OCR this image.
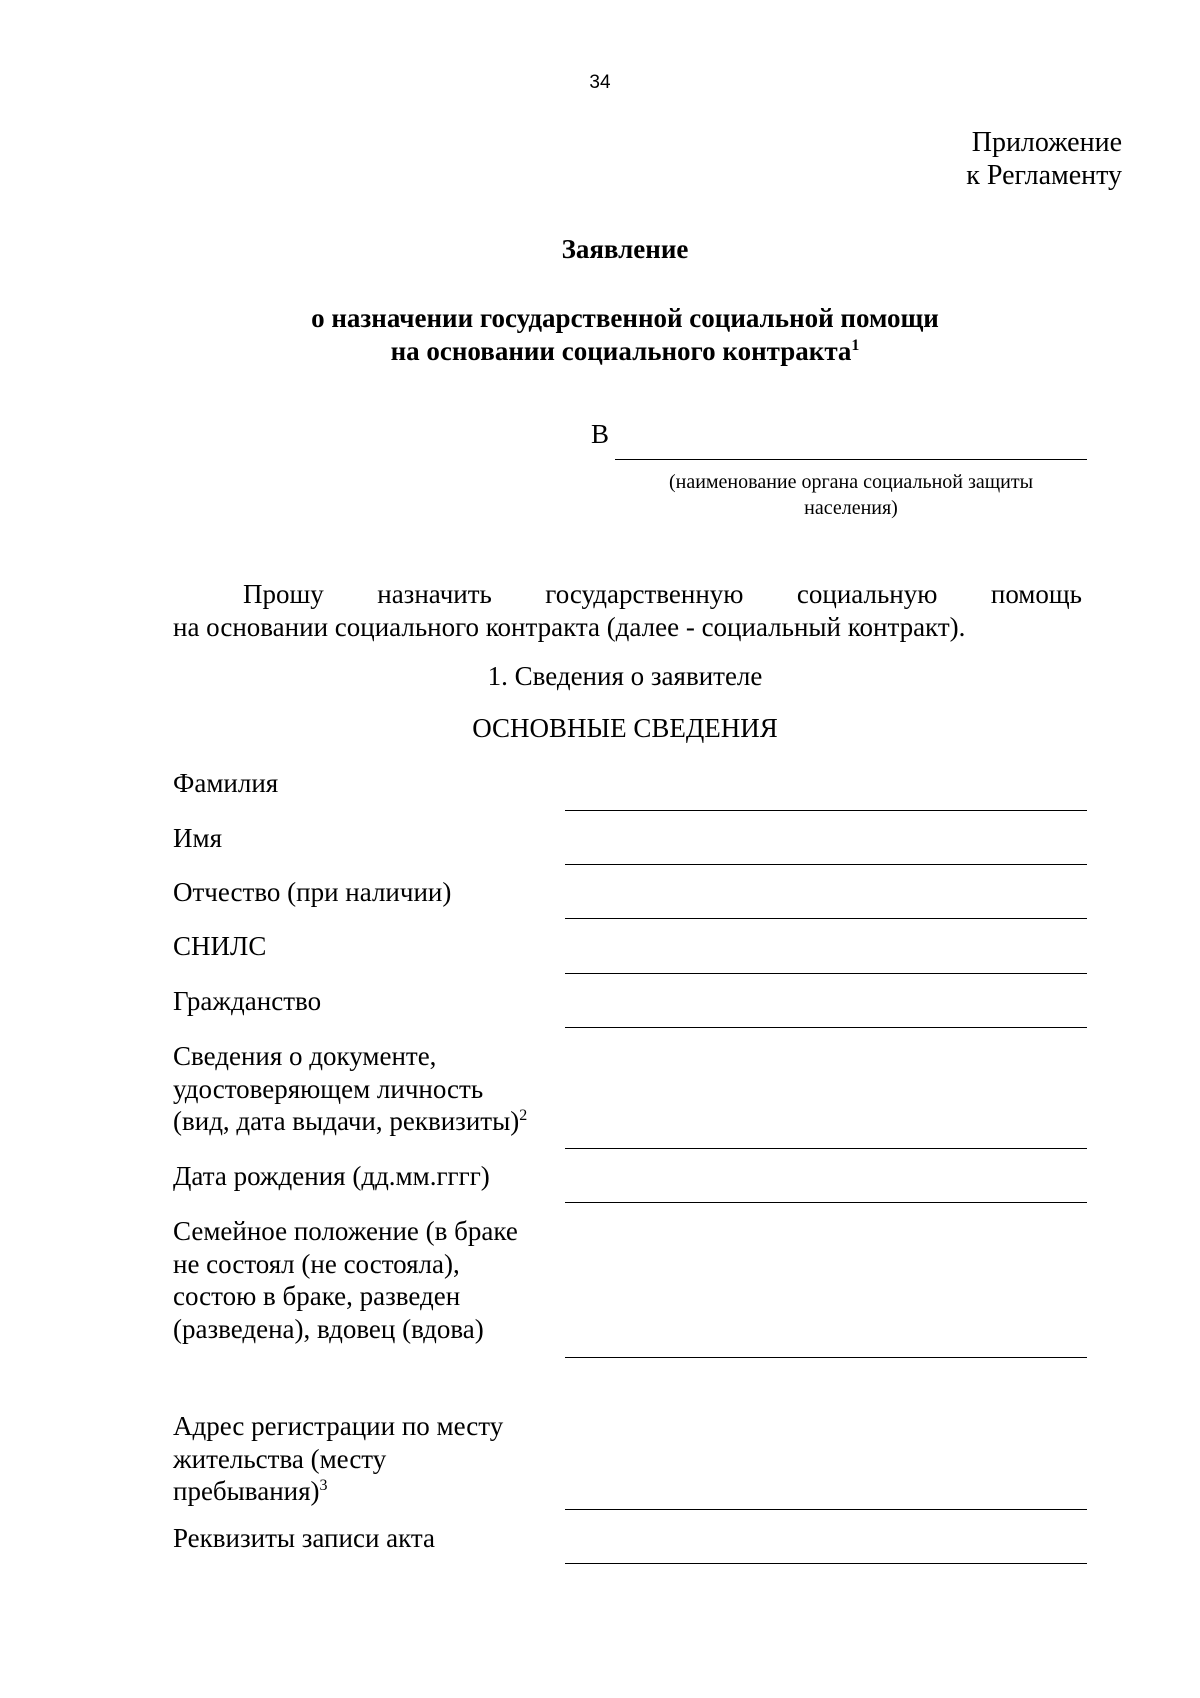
34
Приложение
к Регламенту
Заявление
о назначении государственной социальной помощи
на основании социального контракта$^1$
В
(наименование органа социальной защиты
населения)
Прошу назначить государственную социальную помощь
на основании социального контракта (далее - социальный контракт).
1. Сведения о заявителе
ОСНОВНЫЕ СВЕДЕНИЯ
Фамилия
Имя
Отчество (при наличии)
СНИЛС
Гражданство
Сведения о документе,
удостоверяющем личность
(вид, дата выдачи, реквизиты)$^2$
Дата рождения (дд.мм.гггг)
Семейное положение (в браке
не состоял (не состояла),
состою в браке, разведен
(разведена), вдовец (вдова)
Адрес регистрации по месту
жительства (месту
пребывания)$^3$
Реквизиты записи акта
